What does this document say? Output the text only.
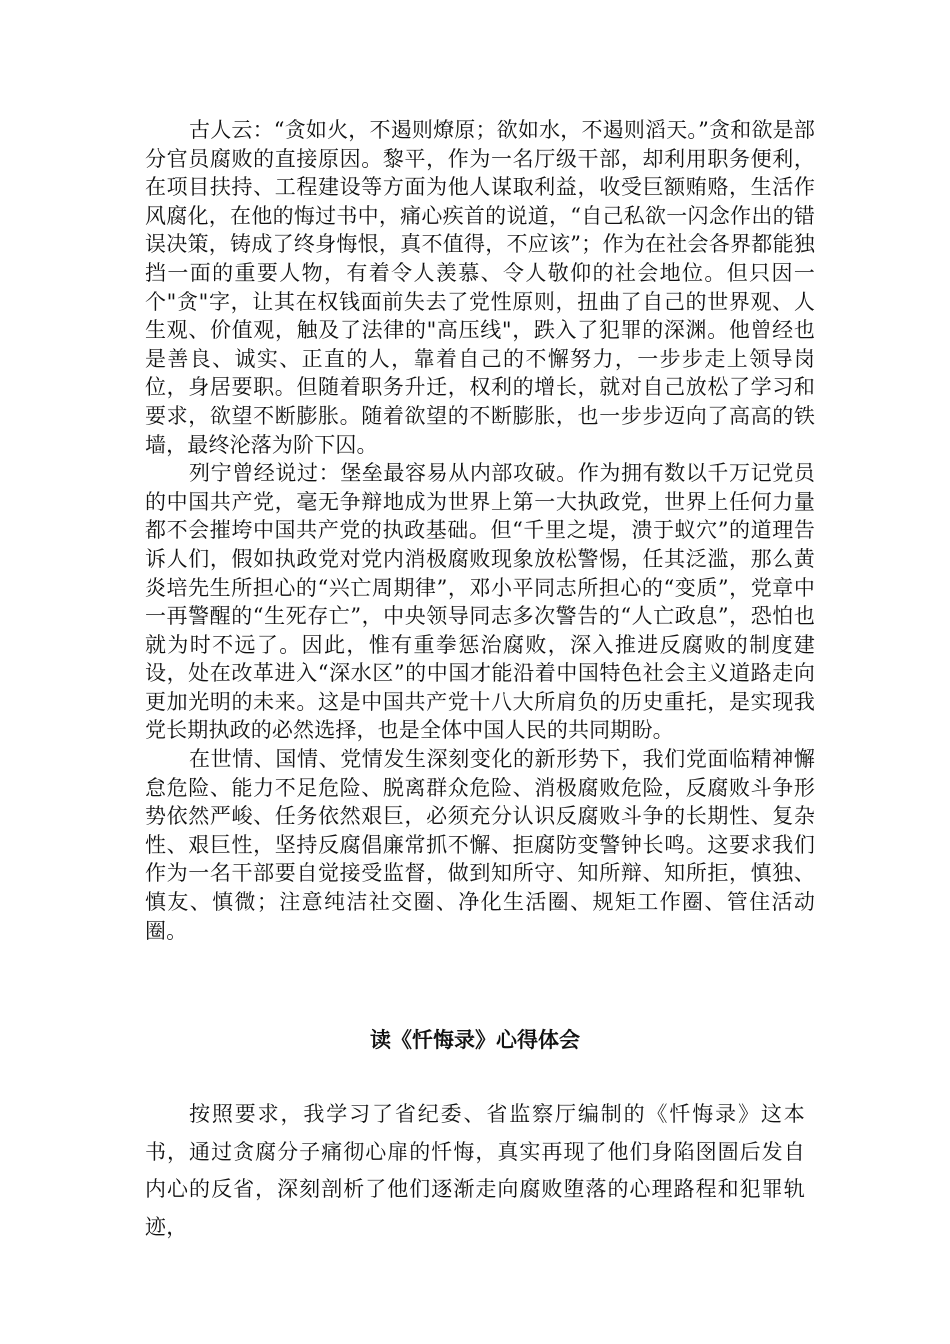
古人云：“贪如火，不遏则燎原；欲如水，不遏则滔天。”贪和欲是部分官员腐败的直接原因。黎平，作为一名厅级干部，却利用职务便利，在项目扶持、工程建设等方面为他人谋取利益，收受巨额贿赂，生活作风腐化，在他的悔过书中，痛心疾首的说道，“自己私欲一闪念作出的错误决策，铸成了终身悔恨，真不值得，不应该”；作为在社会各界都能独挡一面的重要人物，有着令人羡慕、令人敬仰的社会地位。但只因一个"贪"字，让其在权钱面前失去了党性原则，扭曲了自己的世界观、人生观、价值观，触及了法律的"高压线"，跌入了犯罪的深渊。他曾经也是善良、诚实、正直的人，靠着自己的不懈努力，一步步走上领导岗位，身居要职。但随着职务升迁，权利的增长，就对自己放松了学习和要求，欲望不断膨胀。随着欲望的不断膨胀，也一步步迈向了高高的铁墙，最终沦落为阶下囚。

列宁曾经说过：堡垒最容易从内部攻破。作为拥有数以千万记党员的中国共产党，毫无争辩地成为世界上第一大执政党，世界上任何力量都不会摧垮中国共产党的执政基础。但“千里之堤，溃于蚁穴”的道理告诉人们，假如执政党对党内消极腐败现象放松警惕，任其泛滥，那么黄炎培先生所担心的“兴亡周期律”，邓小平同志所担心的“变质”，党章中一再警醒的“生死存亡”，中央领导同志多次警告的“人亡政息”，恐怕也就为时不远了。因此，惟有重拳惩治腐败，深入推进反腐败的制度建设，处在改革进入“深水区”的中国才能沿着中国特色社会主义道路走向更加光明的未来。这是中国共产党十八大所肩负的历史重托，是实现我党长期执政的必然选择，也是全体中国人民的共同期盼。

在世情、国情、党情发生深刻变化的新形势下，我们党面临精神懈怠危险、能力不足危险、脱离群众危险、消极腐败危险，反腐败斗争形势依然严峻、任务依然艰巨，必须充分认识反腐败斗争的长期性、复杂性、艰巨性，坚持反腐倡廉常抓不懈、拒腐防变警钟长鸣。这要求我们作为一名干部要自觉接受监督，做到知所守、知所辩、知所拒，慎独、慎友、慎微；注意纯洁社交圈、净化生活圈、规矩工作圈、管住活动圈。

读《忏悔录》心得体会

按照要求，我学习了省纪委、省监察厅编制的《忏悔录》这本书，通过贪腐分子痛彻心扉的忏悔，真实再现了他们身陷囹圄后发自内心的反省，深刻剖析了他们逐渐走向腐败堕落的心理路程和犯罪轨迹，
